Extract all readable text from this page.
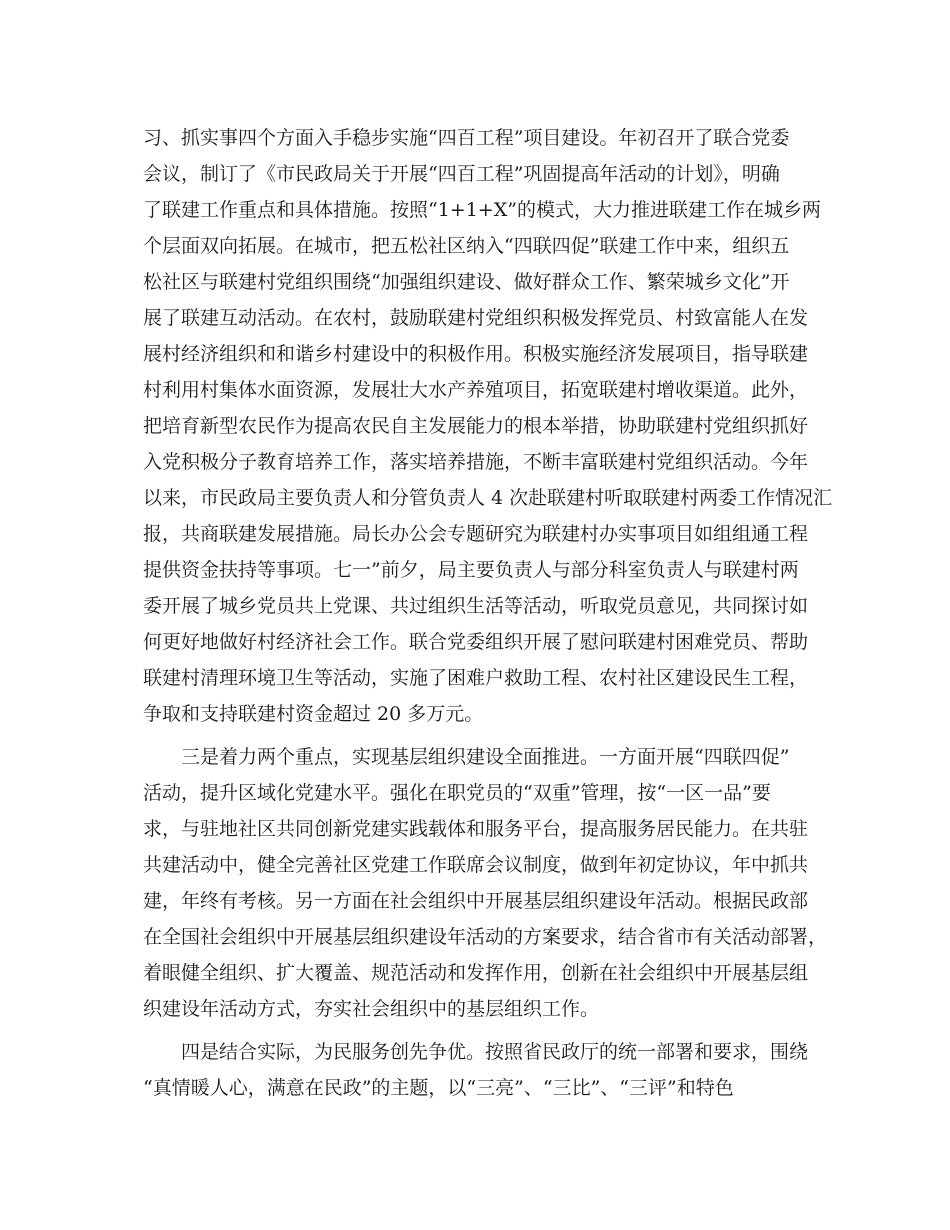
习、抓实事四个方面入手稳步实施“四百工程”项目建设。年初召开了联合党委
会议，制订了《市民政局关于开展“四百工程”巩固提高年活动的计划》，明确
了联建工作重点和具体措施。按照“1+1+X”的模式，大力推进联建工作在城乡两
个层面双向拓展。在城市，把五松社区纳入“四联四促”联建工作中来，组织五
松社区与联建村党组织围绕“加强组织建设、做好群众工作、繁荣城乡文化”开
展了联建互动活动。在农村，鼓励联建村党组织积极发挥党员、村致富能人在发
展村经济组织和和谐乡村建设中的积极作用。积极实施经济发展项目，指导联建
村利用村集体水面资源，发展壮大水产养殖项目，拓宽联建村增收渠道。此外，
把培育新型农民作为提高农民自主发展能力的根本举措，协助联建村党组织抓好
入党积极分子教育培养工作，落实培养措施，不断丰富联建村党组织活动。今年
以来，市民政局主要负责人和分管负责人 4 次赴联建村听取联建村两委工作情况汇
报，共商联建发展措施。局长办公会专题研究为联建村办实事项目如组组通工程
提供资金扶持等事项。七一”前夕，局主要负责人与部分科室负责人与联建村两
委开展了城乡党员共上党课、共过组织生活等活动，听取党员意见，共同探讨如
何更好地做好村经济社会工作。联合党委组织开展了慰问联建村困难党员、帮助
联建村清理环境卫生等活动，实施了困难户救助工程、农村社区建设民生工程，
争取和支持联建村资金超过 20 多万元。
三是着力两个重点，实现基层组织建设全面推进。一方面开展“四联四促”
活动，提升区域化党建水平。强化在职党员的“双重”管理，按“一区一品”要
求，与驻地社区共同创新党建实践载体和服务平台，提高服务居民能力。在共驻
共建活动中，健全完善社区党建工作联席会议制度，做到年初定协议，年中抓共
建，年终有考核。另一方面在社会组织中开展基层组织建设年活动。根据民政部
在全国社会组织中开展基层组织建设年活动的方案要求，结合省市有关活动部署，
着眼健全组织、扩大覆盖、规范活动和发挥作用，创新在社会组织中开展基层组
织建设年活动方式，夯实社会组织中的基层组织工作。
四是结合实际，为民服务创先争优。按照省民政厅的统一部署和要求，围绕
“真情暖人心，满意在民政”的主题，以“三亮”、“三比”、“三评”和特色
